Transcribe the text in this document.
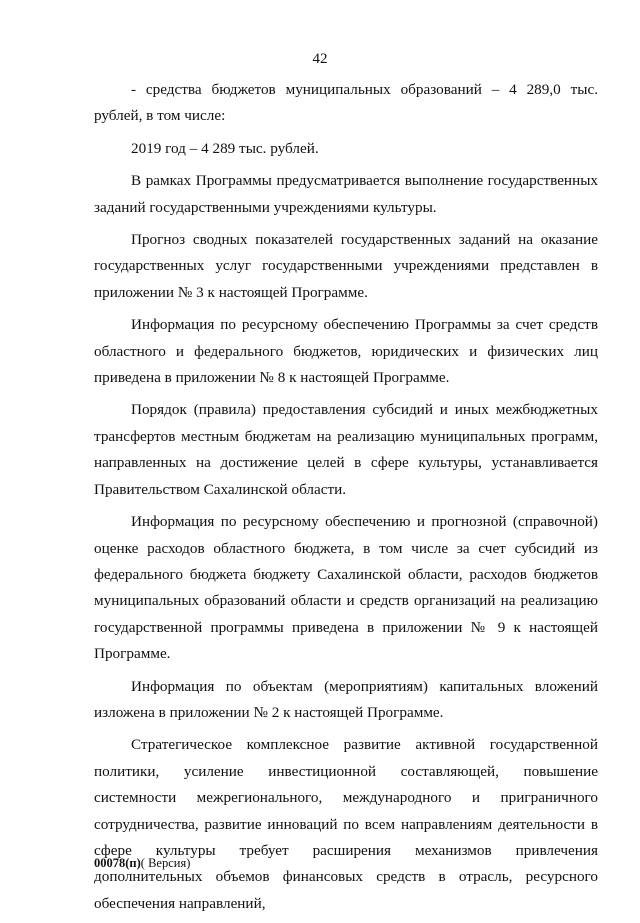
42

- средства бюджетов муниципальных образований – 4 289,0 тыс. рублей, в том числе:

2019 год – 4 289 тыс. рублей.

В рамках Программы предусматривается выполнение государственных заданий государственными учреждениями культуры.

Прогноз сводных показателей государственных заданий на оказание государственных услуг государственными учреждениями представлен в приложении № 3 к настоящей Программе.

Информация по ресурсному обеспечению Программы за счет средств областного и федерального бюджетов, юридических и физических лиц приведена в приложении № 8 к настоящей Программе.

Порядок (правила) предоставления субсидий и иных межбюджетных трансфертов местным бюджетам на реализацию муниципальных программ, направленных на достижение целей в сфере культуры, устанавливается Правительством Сахалинской области.

Информация по ресурсному обеспечению и прогнозной (справочной) оценке расходов областного бюджета, в том числе за счет субсидий из федерального бюджета бюджету Сахалинской области, расходов бюджетов муниципальных образований области и средств организаций на реализацию государственной программы приведена в приложении № 9 к настоящей Программе.

Информация по объектам (мероприятиям) капитальных вложений изложена в приложении № 2 к настоящей Программе.

Стратегическое комплексное развитие активной государственной политики, усиление инвестиционной составляющей, повышение системности межрегионального, международного и приграничного сотрудничества, развитие инноваций по всем направлениям деятельности в сфере культуры требует расширения механизмов привлечения дополнительных объемов финансовых средств в отрасль, ресурсного обеспечения направлений,

00078(п)( Версия)
